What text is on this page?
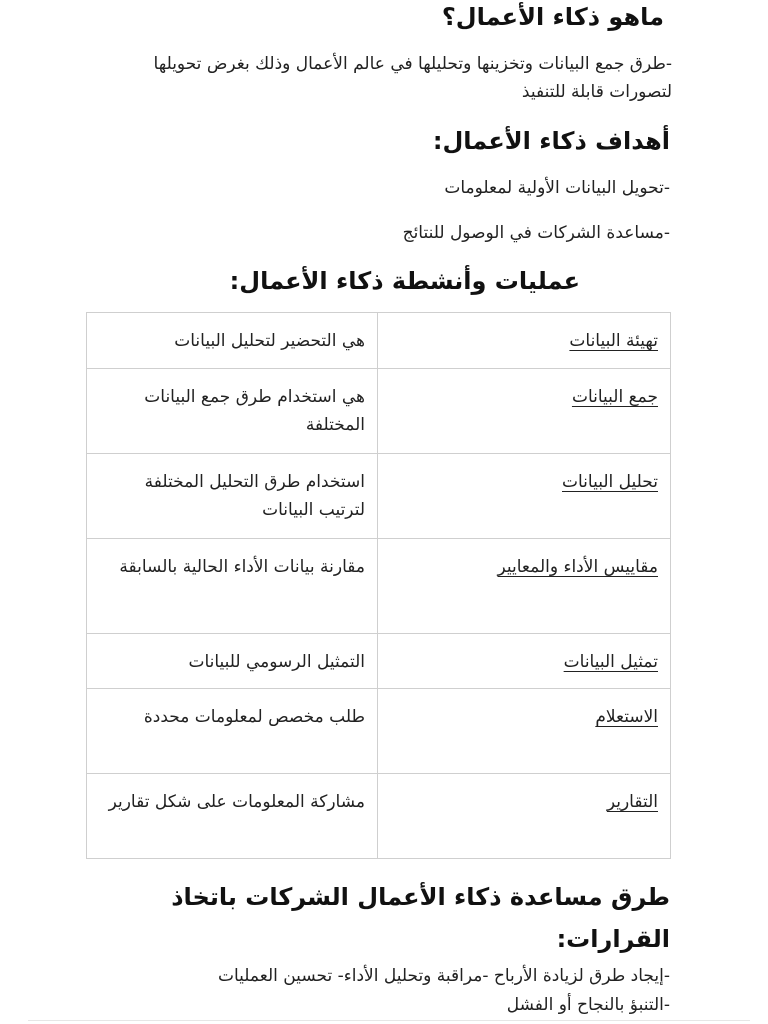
ماهو ذكاء الأعمال؟

-طرق جمع البيانات وتخزينها وتحليلها في عالم الأعمال وذلك بغرض تحويلها لتصورات قابلة للتنفيذ

أهداف ذكاء الأعمال:

-تحويل البيانات الأولية لمعلومات

-مساعدة الشركات في الوصول للنتائج

عمليات وأنشطة ذكاء الأعمال:
تهيئة البيانات	هي التحضير لتحليل البيانات
جمع البيانات	هي استخدام طرق جمع البيانات المختلفة
تحليل البيانات	استخدام طرق التحليل المختلفة لترتيب البيانات
مقاييس الأداء والمعايير	مقارنة بيانات الأداء الحالية بالسابقة
تمثيل البيانات	التمثيل الرسومي للبيانات
الاستعلام	طلب مخصص لمعلومات محددة
التقارير	مشاركة المعلومات على شكل تقارير
طرق مساعدة ذكاء الأعمال الشركات باتخاذ القرارات:

-إيجاد طرق لزيادة الأرباح -مراقبة وتحليل الأداء- تحسين العمليات

-التنبؤ بالنجاح أو الفشل
